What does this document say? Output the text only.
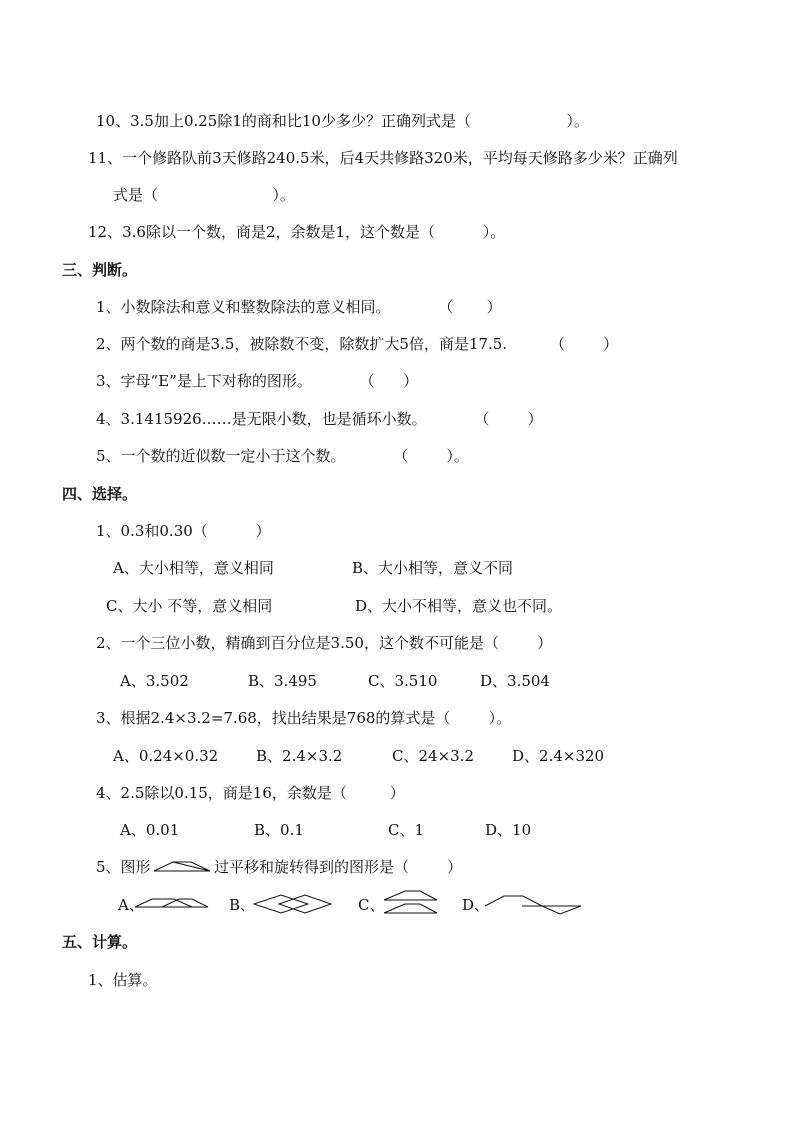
10、3.5加上0.25除1的商和比10少多少？正确列式是（                    ）。
11、一个修路队前3天修路240.5米，后4天共修路320米，平均每天修路多少米？正确列
式是（                        ）。
12、3.6除以一个数，商是2，余数是1，这个数是（          ）。
三、判断。
1、小数除法和意义和整数除法的意义相同。          （       ）
2、两个数的商是3.5，被除数不变，除数扩大5倍，商是17.5.         （        ）
3、字母“E”是上下对称的图形。          （      ）
4、3.1415926……是无限小数，也是循环小数。          （        ）
5、一个数的近似数一定小于这个数。          （        ）。
四、选择。
1、0.3和0.30（          ）
A、大小相等，意义相同	B、大小相等，意义不同
C、大小 不等，意义相同	D、大小不相等，意义也不同。
2、一个三位小数，精确到百分位是3.50，这个数不可能是（        ）
A、3.502	B、3.495	C、3.510	D、3.504
3、根据2.4×3.2=7.68，找出结果是768的算式是（        ）。
A、0.24×0.32	B、2.4×3.2	C、24×3.2	D、2.4×320
4、2.5除以0.15，商是16，余数是（         ）
A、0.01	B、0.1	C、1	D、10
5、图形	过平移和旋转得到的图形是（        ）
A、	B、	C、	D、
五、计算。
1、估算。
